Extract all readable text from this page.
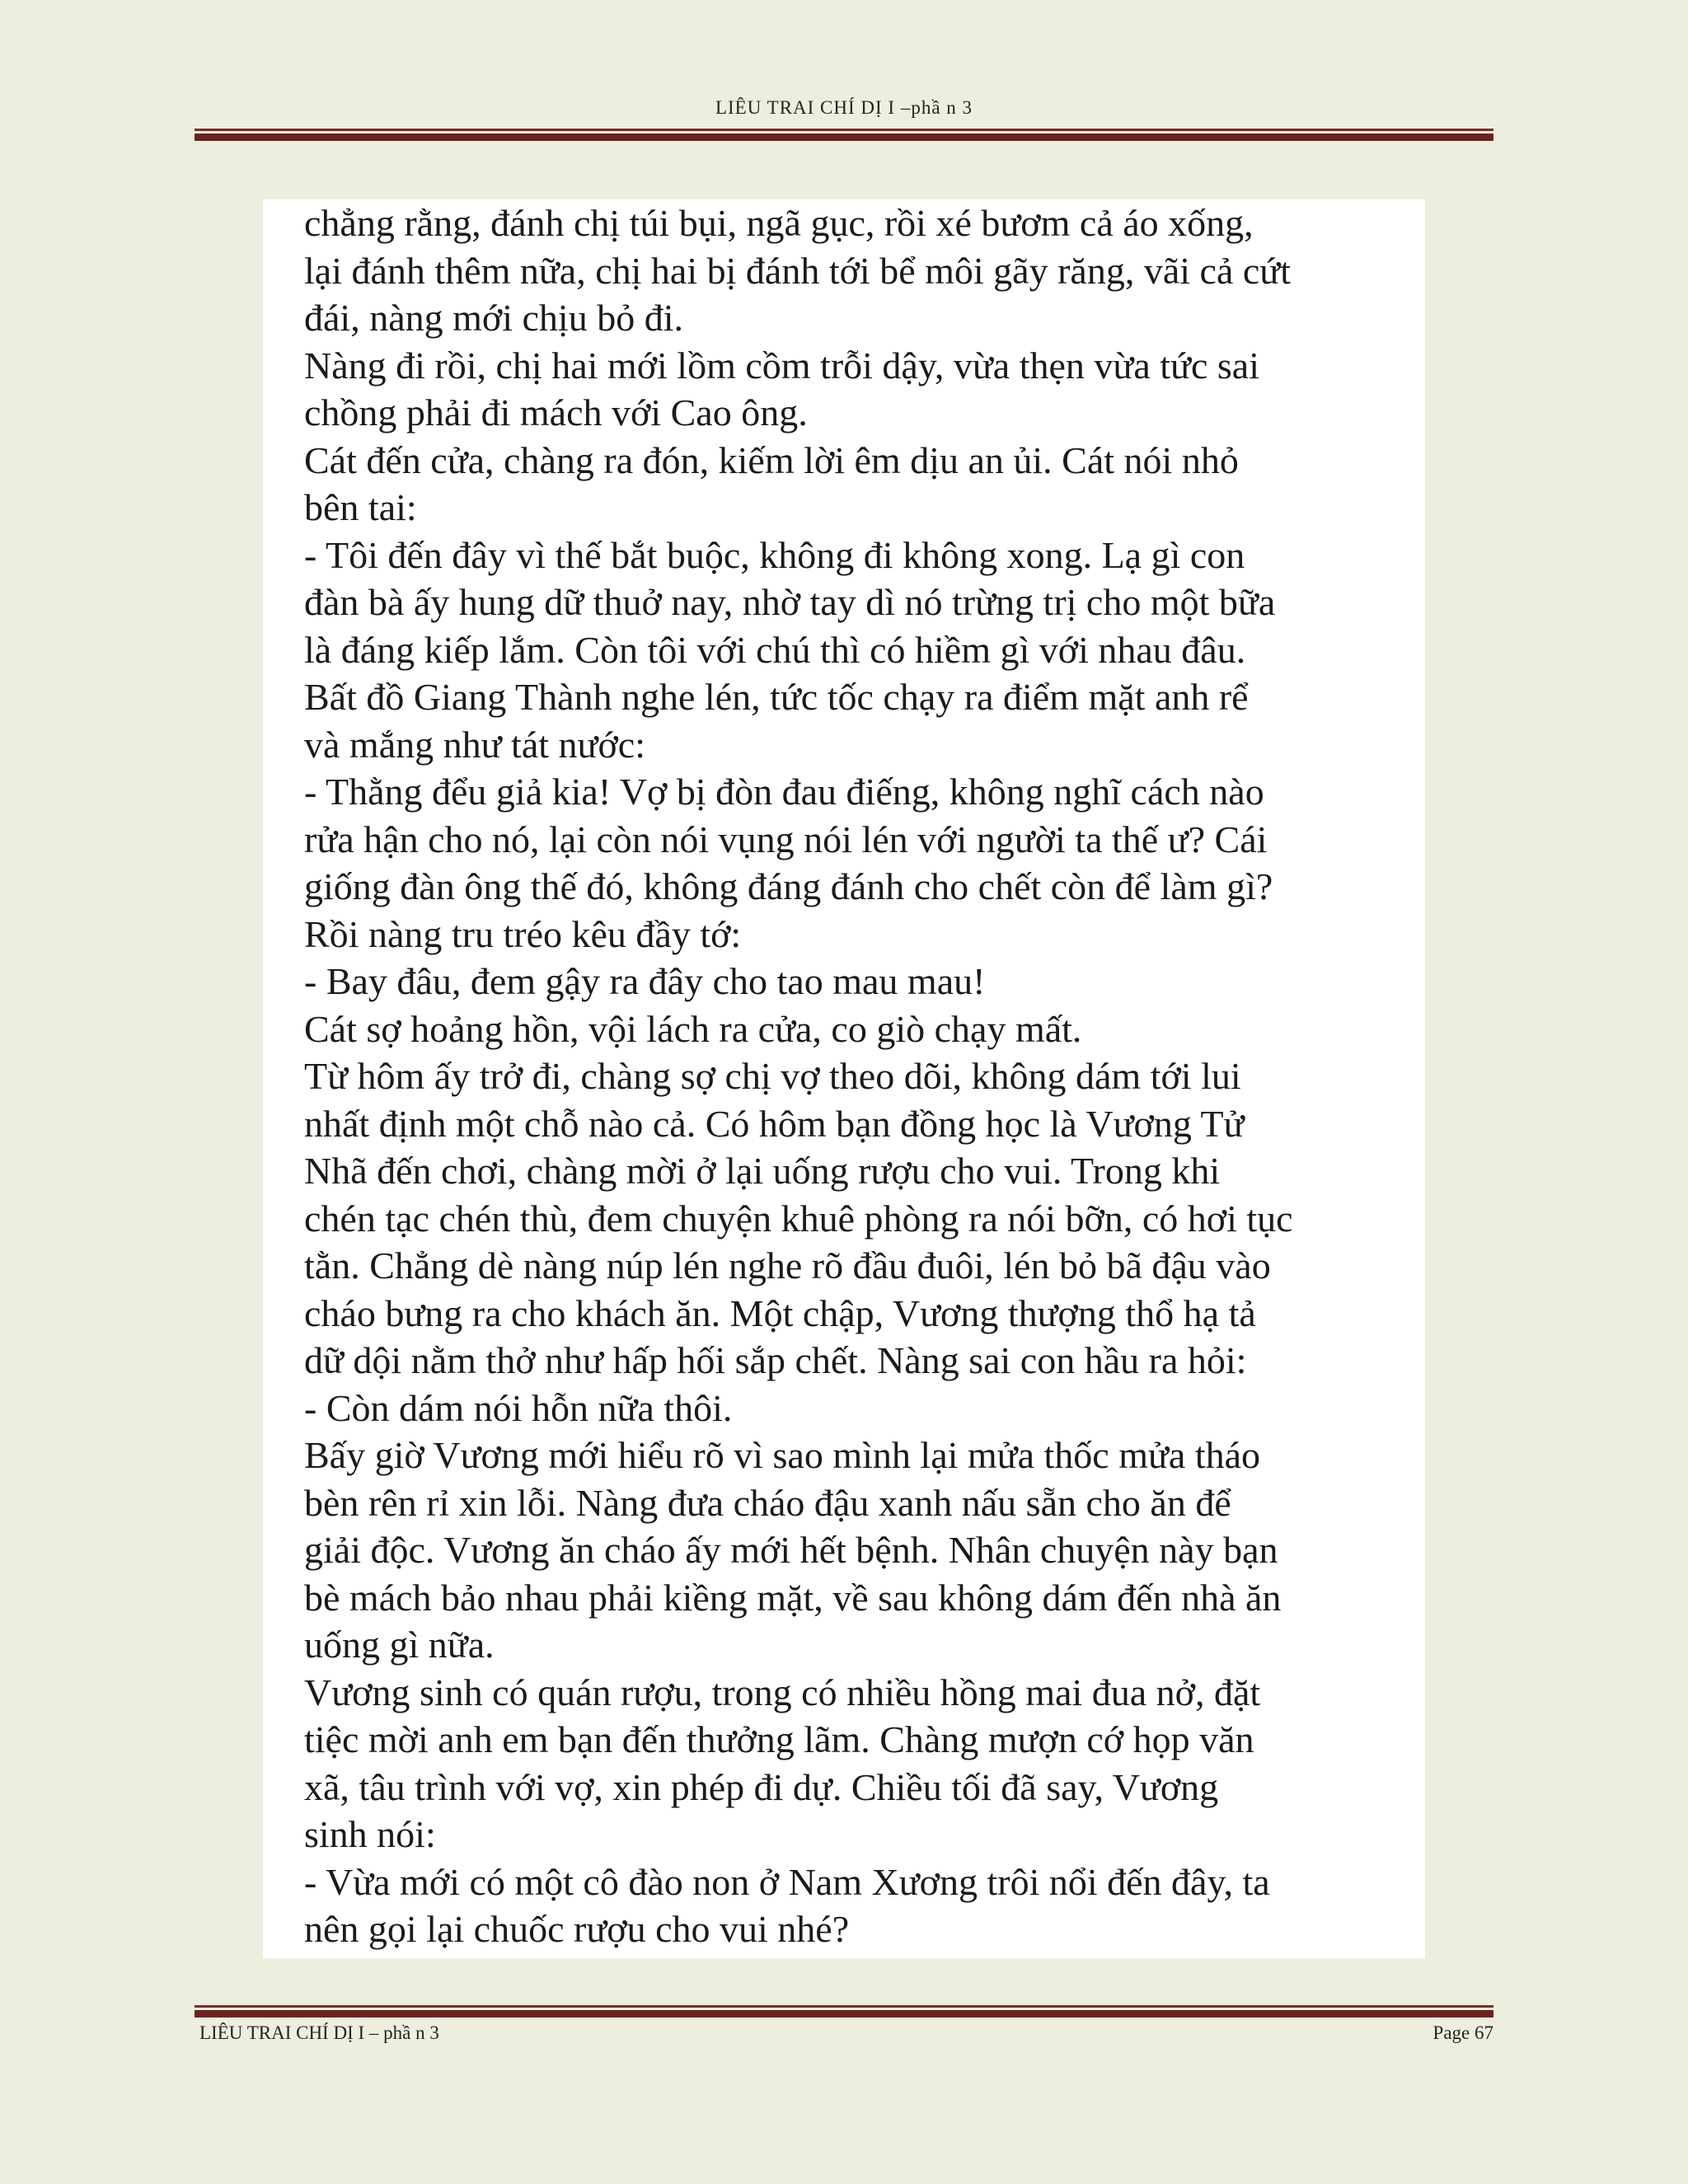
LIÊU TRAI CHÍ DỊ I –phầ n 3
chẳng rằng, đánh chị túi bụi, ngã gục, rồi xé bươm cả áo xống,
lại đánh thêm nữa, chị hai bị đánh tới bể môi gãy răng, vãi cả cứt
đái, nàng mới chịu bỏ đi.
Nàng đi rồi, chị hai mới lồm cồm trỗi dậy, vừa thẹn vừa tức sai
chồng phải đi mách với Cao ông.
Cát đến cửa, chàng ra đón, kiếm lời êm dịu an ủi. Cát nói nhỏ
bên tai:
- Tôi đến đây vì thế bắt buộc, không đi không xong. Lạ gì con
đàn bà ấy hung dữ thuở nay, nhờ tay dì nó trừng trị cho một bữa
là đáng kiếp lắm. Còn tôi với chú thì có hiềm gì với nhau đâu.
Bất đồ Giang Thành nghe lén, tức tốc chạy ra điểm mặt anh rể
và mắng như tát nước:
- Thằng đểu giả kia! Vợ bị đòn đau điếng, không nghĩ cách nào
rửa hận cho nó, lại còn nói vụng nói lén với người ta thế ư? Cái
giống đàn ông thế đó, không đáng đánh cho chết còn để làm gì?
Rồi nàng tru tréo kêu đầy tớ:
- Bay đâu, đem gậy ra đây cho tao mau mau!
Cát sợ hoảng hồn, vội lách ra cửa, co giò chạy mất.
Từ hôm ấy trở đi, chàng sợ chị vợ theo dõi, không dám tới lui
nhất định một chỗ nào cả. Có hôm bạn đồng học là Vương Tử
Nhã đến chơi, chàng mời ở lại uống rượu cho vui. Trong khi
chén tạc chén thù, đem chuyện khuê phòng ra nói bỡn, có hơi tục
tằn. Chẳng dè nàng núp lén nghe rõ đầu đuôi, lén bỏ bã đậu vào
cháo bưng ra cho khách ăn. Một chập, Vương thượng thổ hạ tả
dữ dội nằm thở như hấp hối sắp chết. Nàng sai con hầu ra hỏi:
- Còn dám nói hỗn nữa thôi.
Bấy giờ Vương mới hiểu rõ vì sao mình lại mửa thốc mửa tháo
bèn rên rỉ xin lỗi. Nàng đưa cháo đậu xanh nấu sẵn cho ăn để
giải độc. Vương ăn cháo ấy mới hết bệnh. Nhân chuyện này bạn
bè mách bảo nhau phải kiềng mặt, về sau không dám đến nhà ăn
uống gì nữa.
Vương sinh có quán rượu, trong có nhiều hồng mai đua nở, đặt
tiệc mời anh em bạn đến thưởng lãm. Chàng mượn cớ họp văn
xã, tâu trình với vợ, xin phép đi dự. Chiều tối đã say, Vương
sinh nói:
- Vừa mới có một cô đào non ở Nam Xương trôi nổi đến đây, ta
nên gọi lại chuốc rượu cho vui nhé?
LIÊU TRAI CHÍ DỊ I – phầ n 3	Page 67
